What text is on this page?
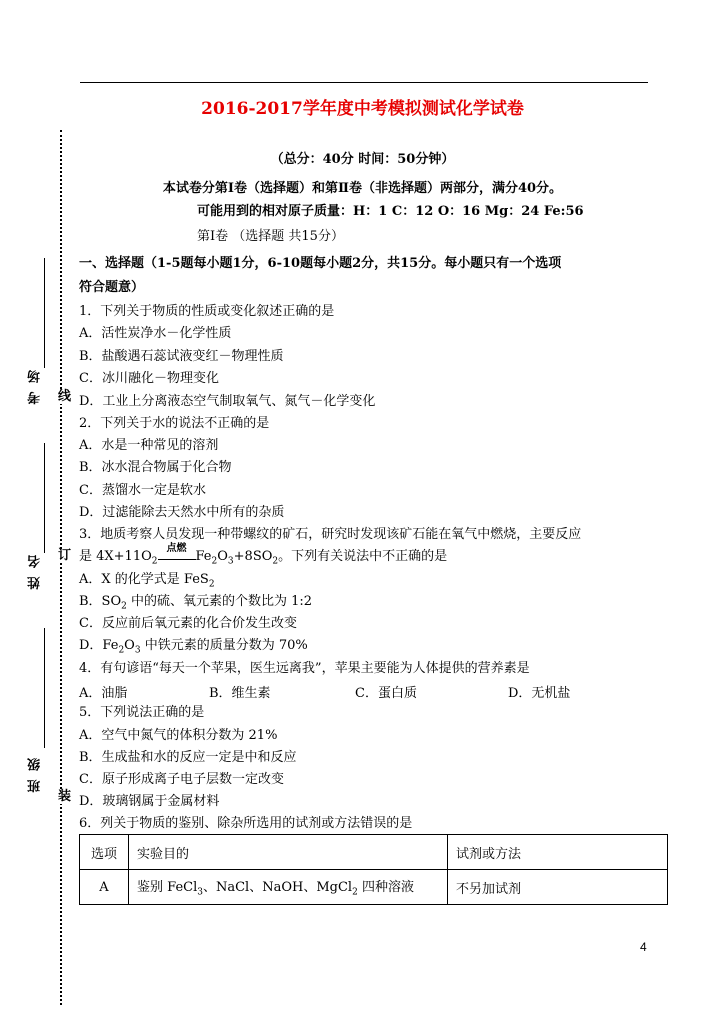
2016-2017学年度中考模拟测试化学试卷
（总分：40分 时间：50分钟）
本试卷分第Ⅰ卷（选择题）和第Ⅱ卷（非选择题）两部分，满分40分。
可能用到的相对原子质量：H：1 C：12 O：16 Mg：24 Fe:56
第Ⅰ卷 （选择题 共15分）
一、选择题（1-5题每小题1分，6-10题每小题2分，共15分。每小题只有一个选项
符合题意）
1．下列关于物质的性质或变化叙述正确的是
A．活性炭净水－化学性质
B．盐酸遇石蕊试液变红－物理性质
C．冰川融化－物理变化
D．工业上分离液态空气制取氧气、氮气－化学变化
2．下列关于水的说法不正确的是
A．水是一种常见的溶剂
B．冰水混合物属于化合物
C．蒸馏水一定是软水
D．过滤能除去天然水中所有的杂质
3．地质考察人员发现一种带螺纹的矿石，研究时发现该矿石能在氧气中燃烧，主要反应
是 $4X+11O_2$
点燃
$Fe_2O_3+8SO_2$。下列有关说法中不正确的是
A．X 的化学式是 FeS$_2$
B．$SO_2$ 中的硫、氧元素的个数比为 1:2
C．反应前后氧元素的化合价发生改变
D．$Fe_2O_3$ 中铁元素的质量分数为 70%
4．有句谚语“每天一个苹果，医生远离我”，苹果主要能为人体提供的营养素是
A．油脂	B．维生素	C．蛋白质	D．无机盐
5．下列说法正确的是
A．空气中氮气的体积分数为 21%
B．生成盐和水的反应一定是中和反应
C．原子形成离子电子层数一定改变
D．玻璃钢属于金属材料
6．列关于物质的鉴别、除杂所选用的试剂或方法错误的是
选项	实验目的	试剂或方法
A	鉴别 FeCl$_3$、NaCl、NaOH、MgCl$_2$ 四种溶液	不另加试剂
考 场
姓 名
班 级
线
订
装
4
